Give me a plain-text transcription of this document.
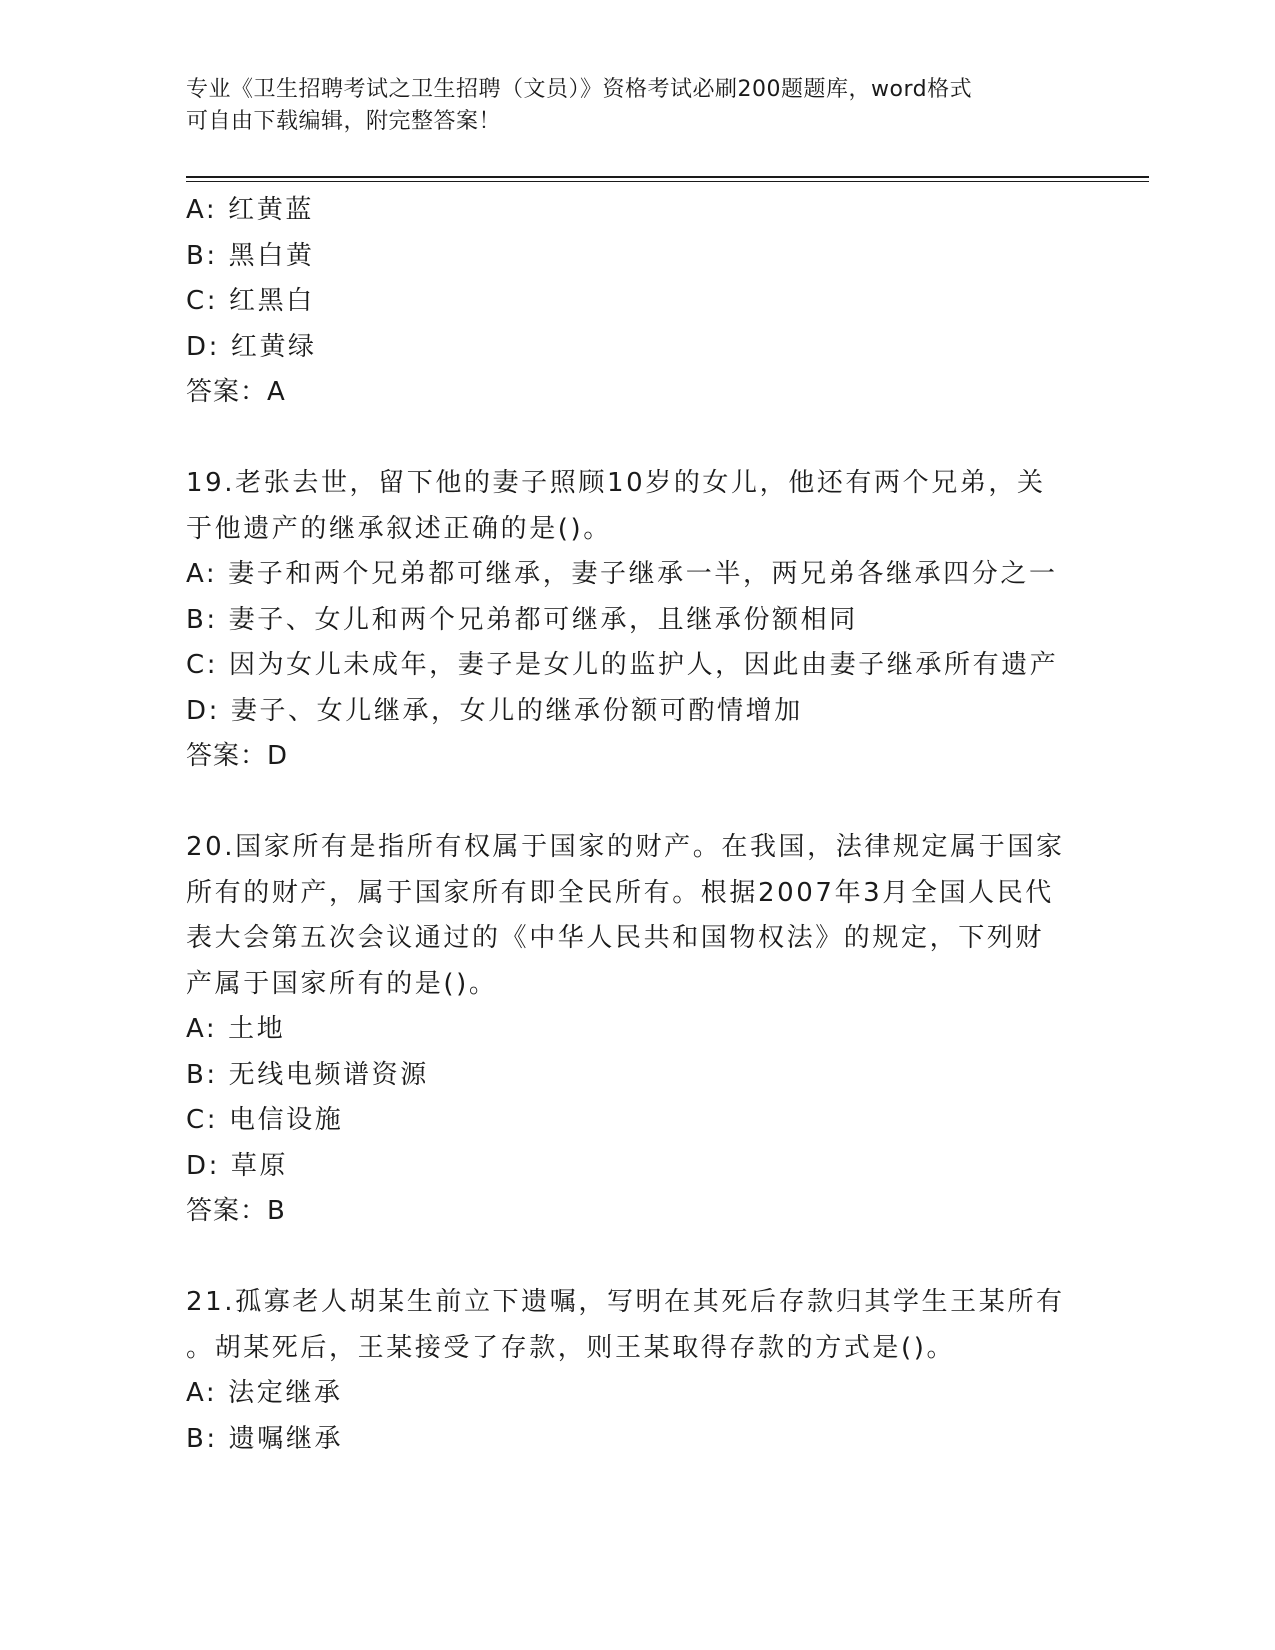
专业《卫生招聘考试之卫生招聘（文员）》资格考试必刷200题题库，word格式
可自由下载编辑，附完整答案！
A: 红黄蓝
B: 黑白黄
C: 红黑白
D: 红黄绿
答案：A
19.老张去世，留下他的妻子照顾10岁的女儿，他还有两个兄弟，关
于他遗产的继承叙述正确的是()。
A: 妻子和两个兄弟都可继承，妻子继承一半，两兄弟各继承四分之一
B: 妻子、女儿和两个兄弟都可继承，且继承份额相同
C: 因为女儿未成年，妻子是女儿的监护人，因此由妻子继承所有遗产
D: 妻子、女儿继承，女儿的继承份额可酌情增加
答案：D
20.国家所有是指所有权属于国家的财产。在我国，法律规定属于国家
所有的财产，属于国家所有即全民所有。根据2007年3月全国人民代
表大会第五次会议通过的《中华人民共和国物权法》的规定，下列财
产属于国家所有的是()。
A: 土地
B: 无线电频谱资源
C: 电信设施
D: 草原
答案：B
21.孤寡老人胡某生前立下遗嘱，写明在其死后存款归其学生王某所有
。胡某死后，王某接受了存款，则王某取得存款的方式是()。
A: 法定继承
B: 遗嘱继承
